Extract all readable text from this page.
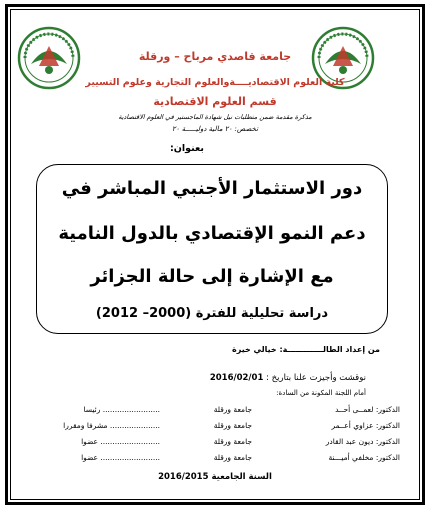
جامعة قاصدي مرباح – ورقلة
كلية العلوم الاقتصاديــــةوالعلوم التجارية وعلوم التسيير
قسم العلوم الاقتصادية
مذكرة مقدمة ضمن متطلبات نيل شهادة الماجستير في العلوم الاقتصادية
تخصص: ٢٠ مالية دوليـــــة ٢٠
بعنوان:
دور الاستثمار الأجنبي المباشر في
دعم النمو الإقتصادي بالدول النامية
مع الإشارة إلى حالة الجزائر
دراسة تحليلية للفترة (2000– 2012)
من إعداد الطالـــــــــــــة: خيالي خيرة
نوقشت وأجيزت علنا بتاريخ : 2016/02/01
أمام اللجنة المكونة من السادة:
الدكتور: لعمــى أحــد
جامعة ورقلة
........................ رئيسا
الدكتور: عزاوي أعــمر
جامعة ورقلة
..................... مشرفا ومقررا
الدكتور: ديون عبد القادر
جامعة ورقلة
......................... عضوا
الدكتور: مخلفي أميـــنة
جامعة ورقلة
......................... عضوا
السنة الجامعية 2016/2015
